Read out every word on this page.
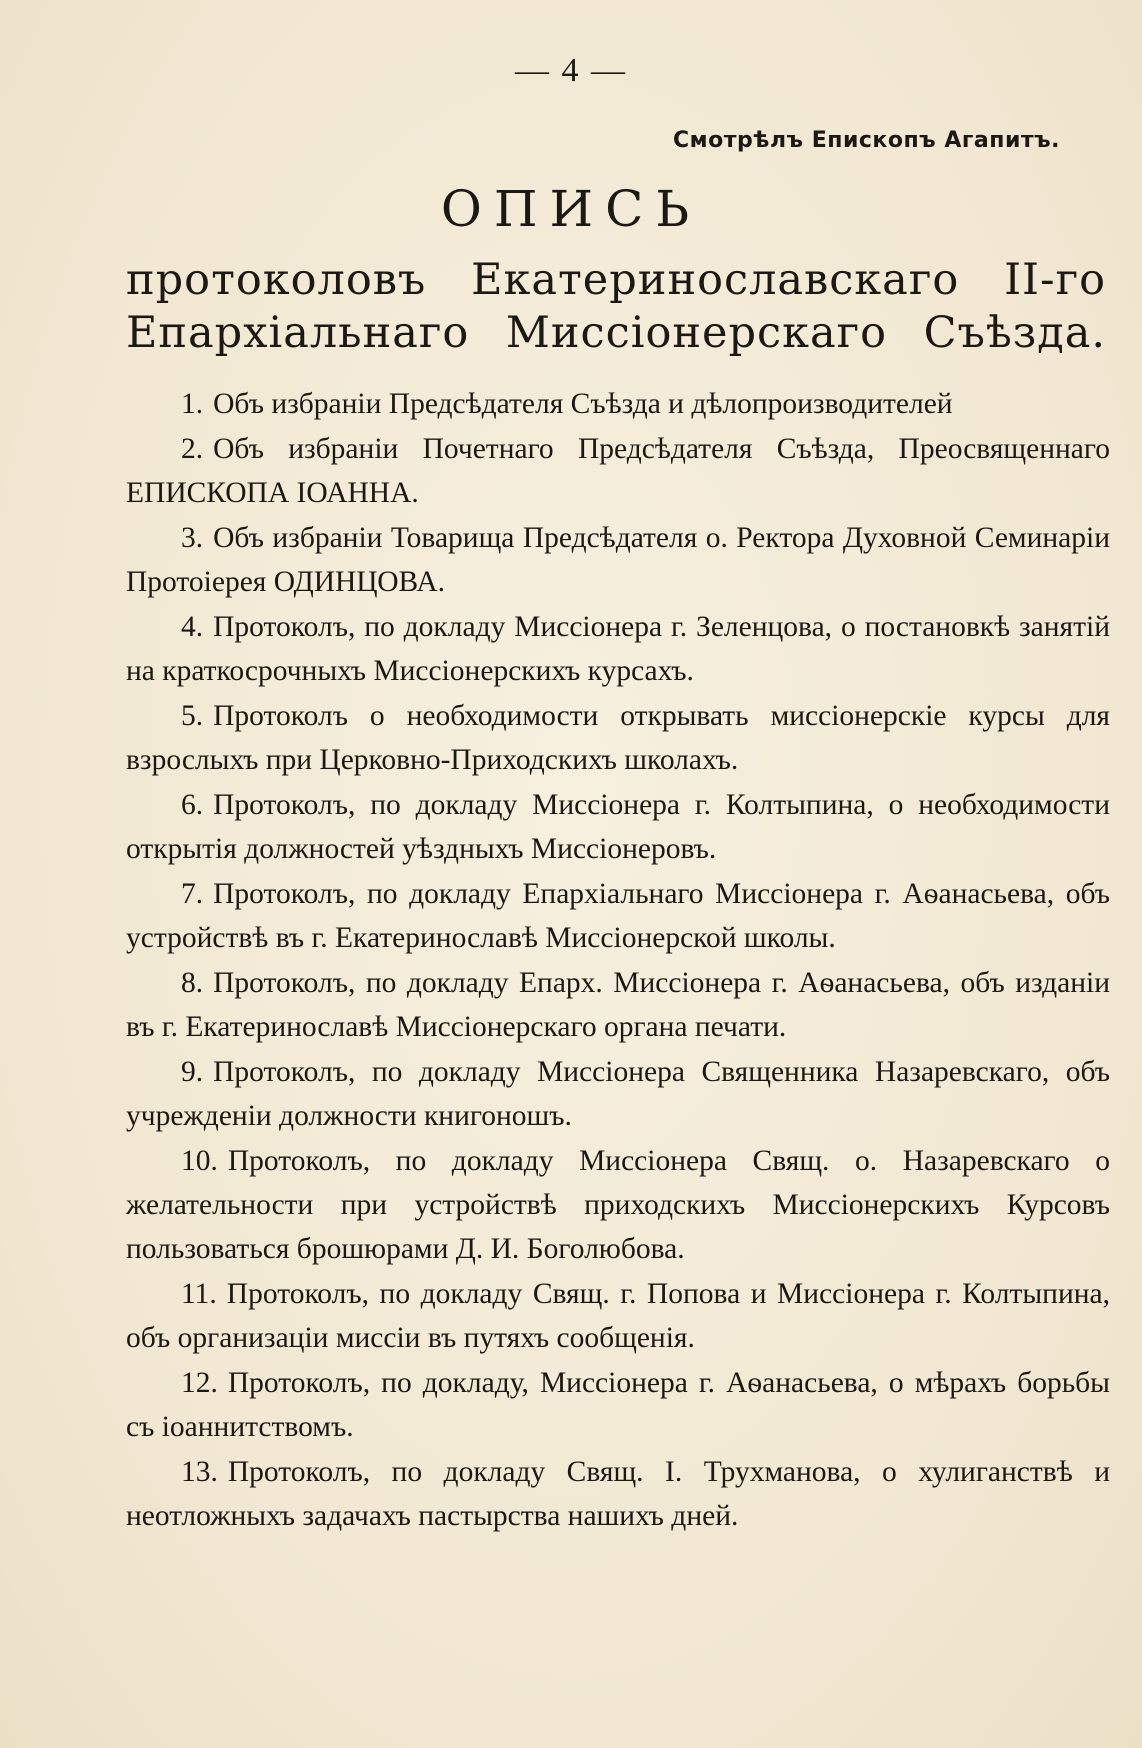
— 4 —
Смотрѣлъ Епископъ Агапитъ.
ОПИСЬ
протоколовъ Екатеринославскаго II-го
Епархіальнаго Миссіонерскаго Съѣзда.
1. Объ избраніи Предсѣдателя Съѣзда и дѣлопроизводителей
2. Объ избраніи Почетнаго Предсѣдателя Съѣзда, Преосвященнаго ЕПИСКОПА ІОАННА.
3. Объ избраніи Товарища Предсѣдателя о. Ректора Духовной Семинаріи Протоіерея ОДИНЦОВА.
4. Протоколъ, по докладу Миссіонера г. Зеленцова, о постановкѣ занятій на краткосрочныхъ Миссіонерскихъ курсахъ.
5. Протоколъ о необходимости открывать миссіонерскіе курсы для взрослыхъ при Церковно-Приходскихъ школахъ.
6. Протоколъ, по докладу Миссіонера г. Колтыпина, о необходимости открытія должностей уѣздныхъ Миссіонеровъ.
7. Протоколъ, по докладу Епархіальнаго Миссіонера г. Аѳанасьева, объ устройствѣ въ г. Екатеринославѣ Миссіонерской школы.
8. Протоколъ, по докладу Епарх. Миссіонера г. Аѳанасьева, объ изданіи въ г. Екатеринославѣ Миссіонерскаго органа печати.
9. Протоколъ, по докладу Миссіонера Священника Назаревскаго, объ учрежденіи должности книгоношъ.
10. Протоколъ, по докладу Миссіонера Свящ. о. Назаревскаго о желательности при устройствѣ приходскихъ Миссіонерскихъ Курсовъ пользоваться брошюрами Д. И. Боголюбова.
11. Протоколъ, по докладу Свящ. г. Попова и Миссіонера г. Колтыпина, объ организаціи миссіи въ путяхъ сообщенія.
12. Протоколъ, по докладу, Миссіонера г. Аѳанасьева, о мѣрахъ борьбы съ іоаннитствомъ.
13. Протоколъ, по докладу Свящ. І. Трухманова, о хулиганствѣ и неотложныхъ задачахъ пастырства нашихъ дней.
